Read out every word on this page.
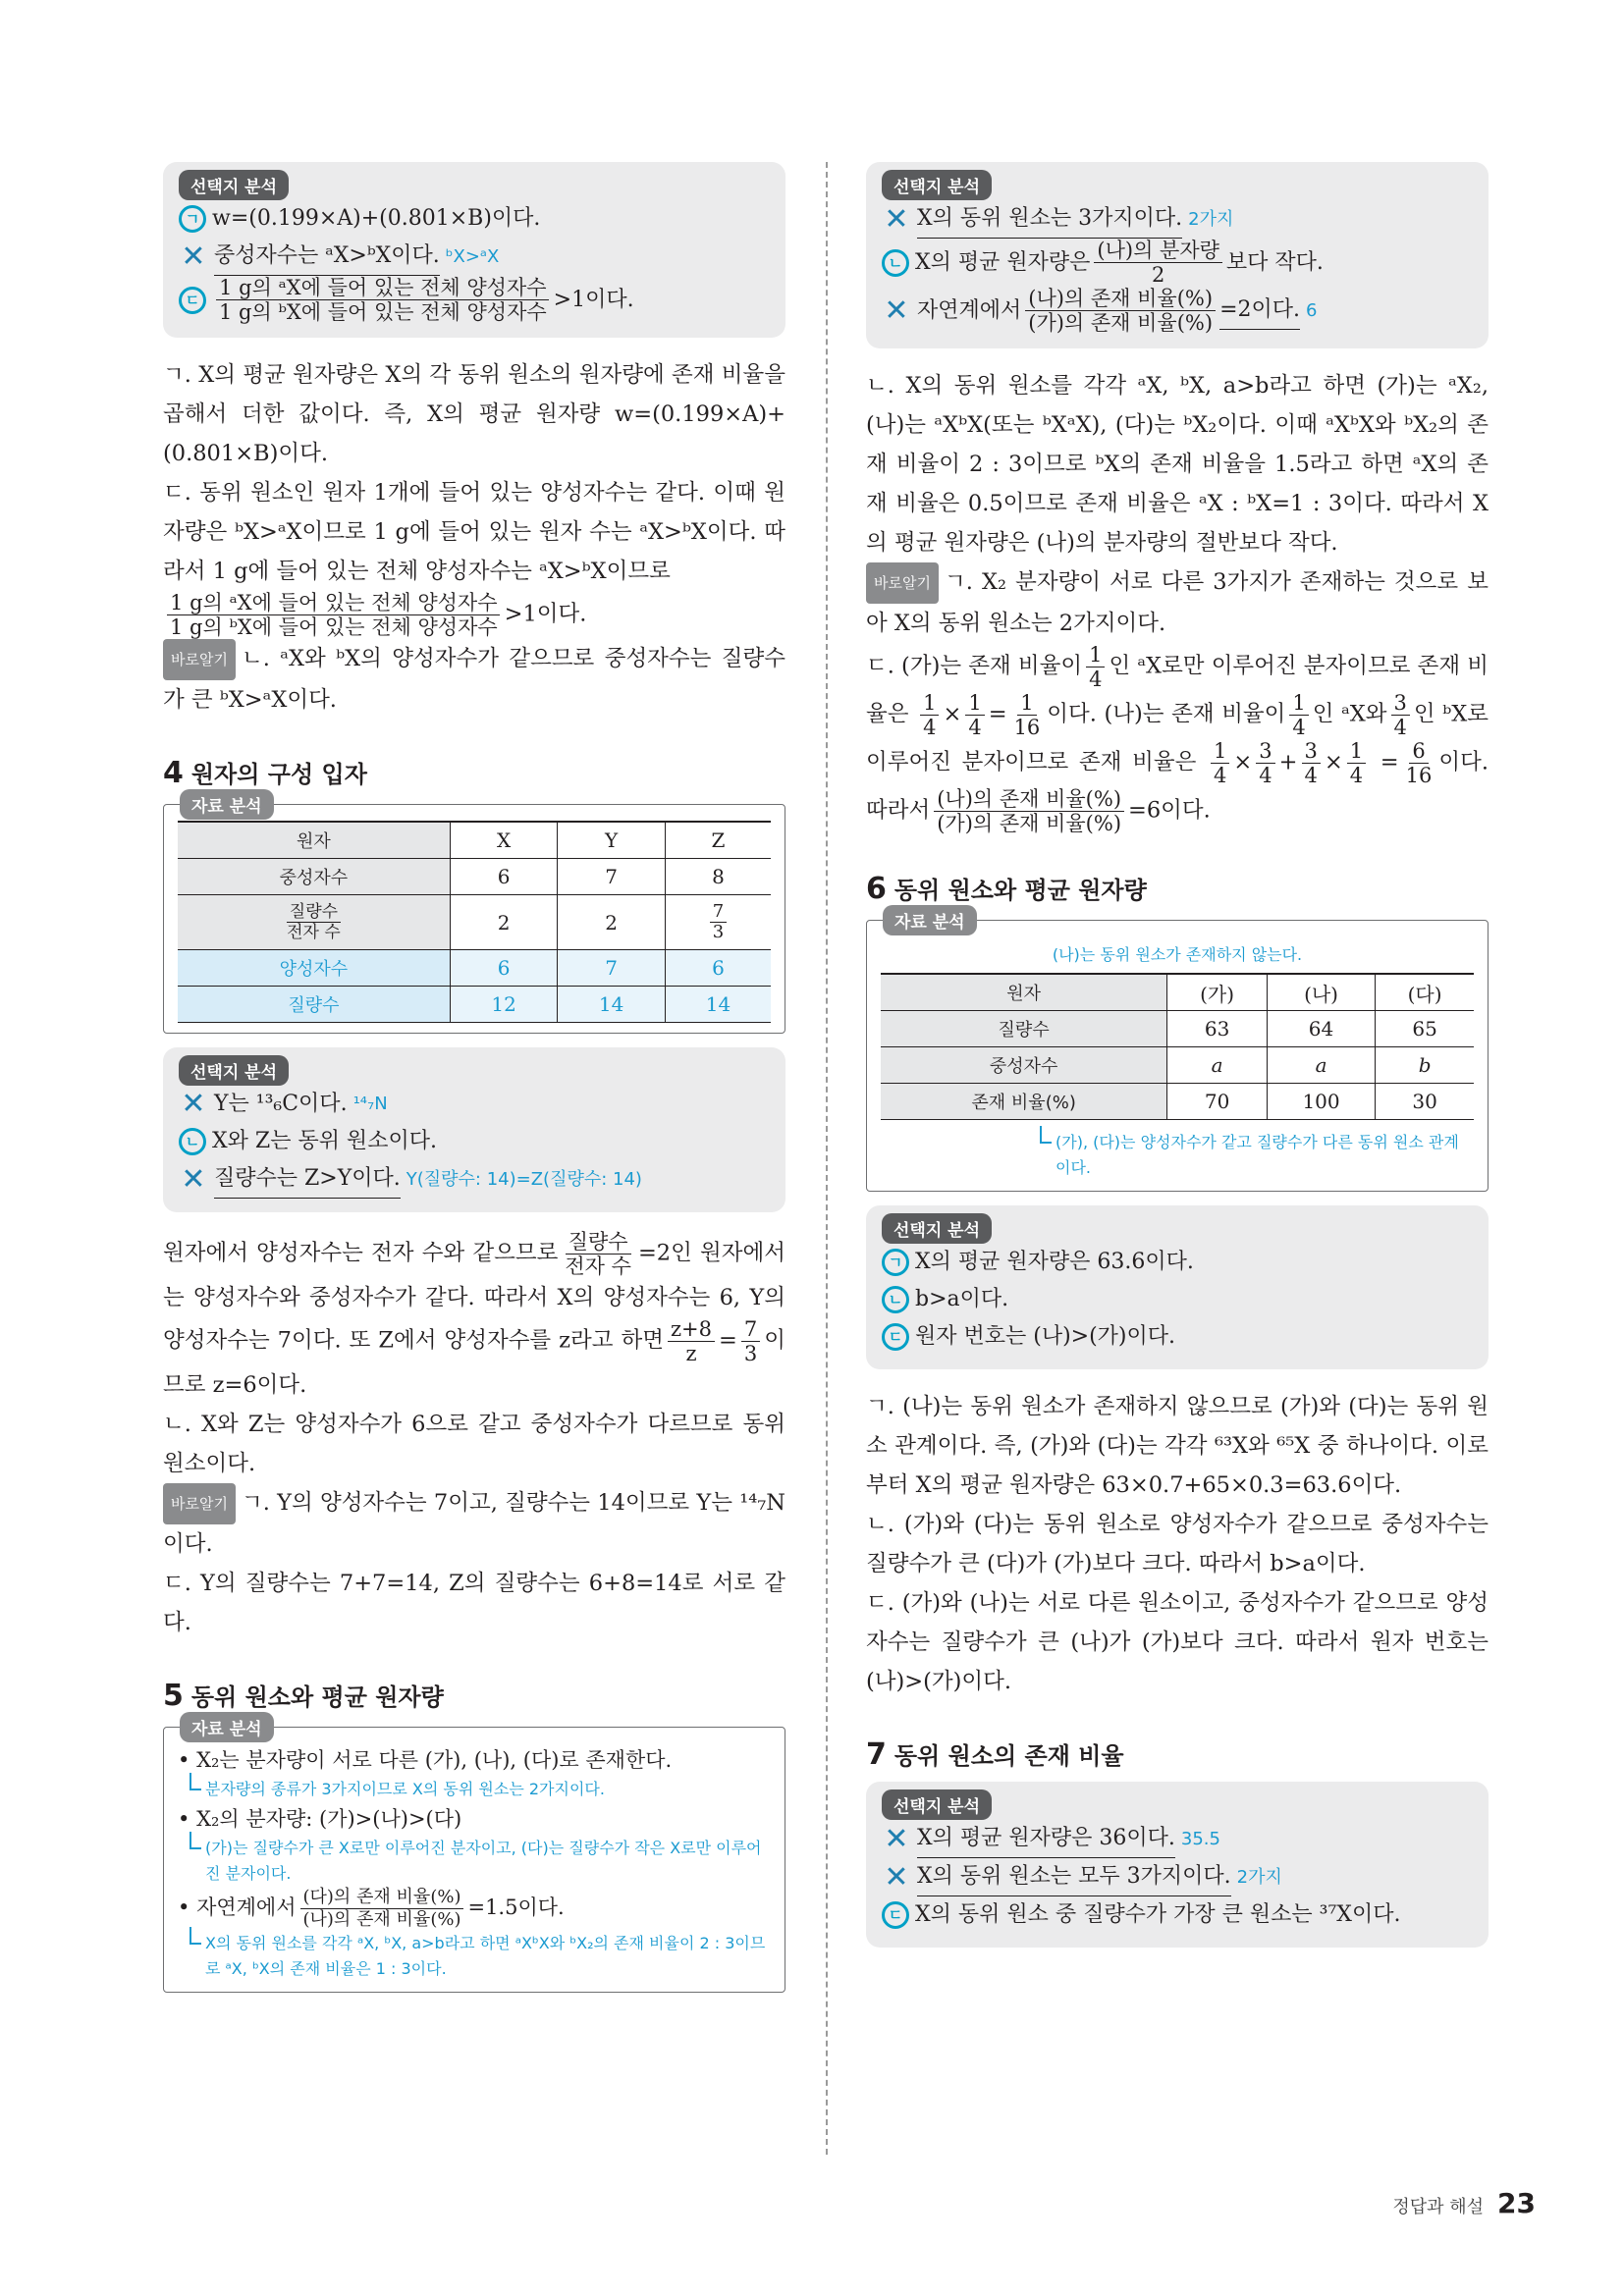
선택지 분석
ㄱ w=(0.199×A)+(0.801×B)이다.
✕ 중성자수는 ᵃX>ᵇX이다. ᵇX>ᵃX
ㄷ $\frac{\text{1 g의 ᵃX에 들어 있는 전체 양성자수}}{\text{1 g의 ᵇX에 들어 있는 전체 양성자수}} >1$이다.

ㄱ. X의 평균 원자량은 X의 각 동위 원소의 원자량에 존재 비율을 곱해서 더한 값이다. 즉, X의 평균 원자량 w=(0.199×A)+(0.801×B)이다.

ㄷ. 동위 원소인 원자 1개에 들어 있는 양성자수는 같다. 이때 원자량은 ᵇX>ᵃX이므로 1 g에 들어 있는 원자 수는 ᵃX>ᵇX이다. 따라서 1 g에 들어 있는 전체 양성자수는 ᵃX>ᵇX이므로

$\frac{\text{1 g의 ᵃX에 들어 있는 전체 양성자수}}{\text{1 g의 ᵇX에 들어 있는 전체 양성자수}} >1$이다.

바로알기 ㄴ. ᵃX와 ᵇX의 양성자수가 같으므로 중성자수는 질량수가 큰 ᵇX>ᵃX이다.

4 원자의 구성 입자
자료 분석
원자	X	Y	Z
중성자수	6	7	8

$\frac{\text{질량수}}{\text{전자 수}}$	2	2	$\frac{7}{3}$

양성자수	6	7	6
질량수	12	14	14
선택지 분석
✕ Y는 ¹³₆C이다. ¹⁴₇N
ㄴ X와 Z는 동위 원소이다.
✕ 질량수는 Z>Y이다. Y(질량수: 14)=Z(질량수: 14)

원자에서 양성자수는 전자 수와 같으므로 $\frac{\text{질량수}}{\text{전자 수}} =2$인 원자에서는 양성자수와 중성자수가 같다. 따라서 X의 양성자수는 6, Y의 양성자수는 7이다. 또 Z에서 양성자수를 z라고 하면 $\frac{z+8}{z} = \frac{7}{3}$ 이므로 z=6이다.

ㄴ. X와 Z는 양성자수가 6으로 같고 중성자수가 다르므로 동위 원소이다.

바로알기 ㄱ. Y의 양성자수는 7이고, 질량수는 14이므로 Y는 ¹⁴₇N이다.

ㄷ. Y의 질량수는 7+7=14, Z의 질량수는 6+8=14로 서로 같다.

5 동위 원소와 평균 원자량
자료 분석
• X₂는 분자량이 서로 다른 (가), (나), (다)로 존재한다.
분자량의 종류가 3가지이므로 X의 동위 원소는 2가지이다.
• X₂의 분자량: (가)>(나)>(다)
(가)는 질량수가 큰 X로만 이루어진 분자이고, (다)는 질량수가 작은 X로만 이루어진 분자이다.
• 자연계에서 $\frac{\text{(다)의 존재 비율(\%)}}{\text{(나)의 존재 비율(\%)}} =1.5$이다.
X의 동위 원소를 각각 ᵃX, ᵇX, a>b라고 하면 ᵃXᵇX와 ᵇX₂의 존재 비율이 2 : 3이므로 ᵃX, ᵇX의 존재 비율은 1 : 3이다.
선택지 분석
✕ X의 동위 원소는 3가지이다. 2가지
ㄴ X의 평균 원자량은 $\frac{\text{(나)의 분자량}}{2}$ 보다 작다.
✕ 자연계에서 $\frac{\text{(나)의 존재 비율(\%)}}{\text{(가)의 존재 비율(\%)}} =2$이다. 6

ㄴ. X의 동위 원소를 각각 ᵃX, ᵇX, a>b라고 하면 (가)는 ᵃX₂, (나)는 ᵃXᵇX(또는 ᵇXᵃX), (다)는 ᵇX₂이다. 이때 ᵃXᵇX와 ᵇX₂의 존재 비율이 2 : 3이므로 ᵇX의 존재 비율을 1.5라고 하면 ᵃX의 존재 비율은 0.5이므로 존재 비율은 ᵃX : ᵇX=1 : 3이다. 따라서 X의 평균 원자량은 (나)의 분자량의 절반보다 작다.

바로알기 ㄱ. X₂ 분자량이 서로 다른 3가지가 존재하는 것으로 보아 X의 동위 원소는 2가지이다.

ㄷ. (가)는 존재 비율이 $\frac{1}{4}$ 인 ᵃX로만 이루어진 분자이므로 존재 비율은 $\frac{1}{4} \times \frac{1}{4} = \frac{1}{16}$ 이다. (나)는 존재 비율이 $\frac{1}{4}$ 인 ᵃX와 $\frac{3}{4}$ 인 ᵇX로 이루어진 분자이므로 존재 비율은 $\frac{1}{4} \times \frac{3}{4} + \frac{3}{4} \times \frac{1}{4} = \frac{6}{16}$ 이다. 따라서 $\frac{\text{(나)의 존재 비율(\%)}}{\text{(가)의 존재 비율(\%)}} =6$이다.

6 동위 원소와 평균 원자량
자료 분석
(나)는 동위 원소가 존재하지 않는다.
원자	(가)	(나)	(다)
질량수	63	64	65
중성자수	a	a	b
존재 비율(%)	70	100	30
(가), (다)는 양성자수가 같고 질량수가 다른 동위 원소 관계이다.
선택지 분석
ㄱ X의 평균 원자량은 63.6이다.
ㄴ b>a이다.
ㄷ 원자 번호는 (나)>(가)이다.

ㄱ. (나)는 동위 원소가 존재하지 않으므로 (가)와 (다)는 동위 원소 관계이다. 즉, (가)와 (다)는 각각 ⁶³X와 ⁶⁵X 중 하나이다. 이로부터 X의 평균 원자량은 63×0.7+65×0.3=63.6이다.

ㄴ. (가)와 (다)는 동위 원소로 양성자수가 같으므로 중성자수는 질량수가 큰 (다)가 (가)보다 크다. 따라서 b>a이다.

ㄷ. (가)와 (나)는 서로 다른 원소이고, 중성자수가 같으므로 양성자수는 질량수가 큰 (나)가 (가)보다 크다. 따라서 원자 번호는 (나)>(가)이다.

7 동위 원소의 존재 비율
선택지 분석
✕ X의 평균 원자량은 36이다. 35.5
✕ X의 동위 원소는 모두 3가지이다. 2가지
ㄷ X의 동위 원소 중 질량수가 가장 큰 원소는 ³⁷X이다.
정답과 해설 23
